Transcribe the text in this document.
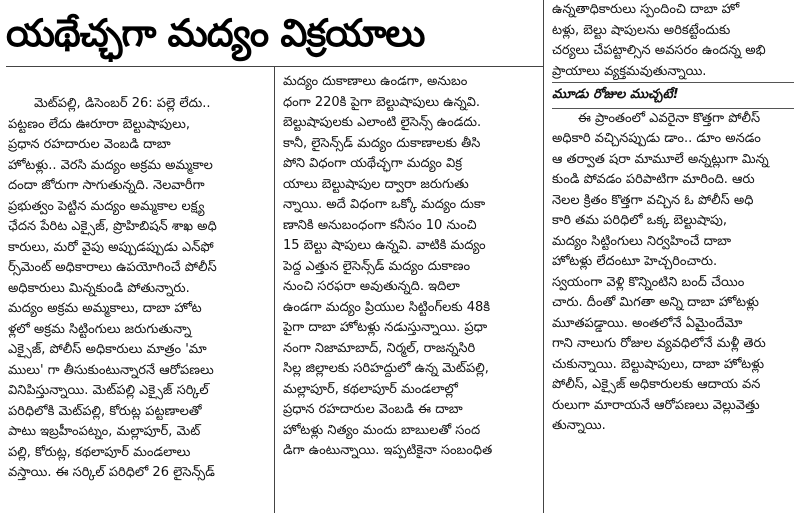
యథేచ్ఛగా మద్యం విక్రయాలు

మెట్‌పల్లి, డిసెంబర్ 26: పల్లె లేదు..

పట్టణం లేదు ఊరూరా బెల్టుషాపులు,

ప్రధాన రహదారుల వెంబడి దాబా

హోటళ్లు.. వెరసి మద్యం అక్రమ అమ్మకాల

దందా జోరుగా సాగుతున్నది. నెలవారీగా

ప్రభుత్వం పెట్టిన మద్యం అమ్మకాల లక్ష్య

ఛేదన పేరిట ఎక్సైజ్, ప్రొహిబిషన్ శాఖ అధి

కారులు, మరో వైపు అప్పుడప్పుడు ఎన్‌ఫో

ర్స్‌మెంట్ అధికారాలు ఉపయోగించే పోలీస్

అధికారులు మిన్నకుండి పోతున్నారు.

మద్యం అక్రమ అమ్మకాలు, దాబా హోట

ళ్లలో అక్రమ సిట్టింగులు జరుగుతున్నా

ఎక్సైజ్, పోలీస్ అధికారులు మాత్రం 'మా

ములు' గా తీసుకుంటున్నారనే ఆరోపణలు

వినిపిస్తున్నాయి. మెట్‌పల్లి ఎక్సైజ్ సర్కిల్

పరిధిలోకి మెట్‌పల్లి, కోరుట్ల పట్టణాలతో

పాటు ఇబ్రహీంపట్నం, మల్లాపూర్, మెట్

పల్లి, కోరుట్ల, కథలాపూర్ మండలాలు

వస్తాయి. ఈ సర్కిల్ పరిధిలో 26 లైసెన్స్‌డ్

మద్యం దుకాణాలు ఉండగా, అనుబం

ధంగా 220కి పైగా బెల్టుషాపులు ఉన్నవి.

బెల్టుషాపులకు ఎలాంటి లైసెన్స్ ఉండదు.

కానీ, లైసెన్స్‌డ్ మద్యం దుకాణాలకు తీసి

పోని విధంగా యథేచ్ఛగా మద్యం విక్ర

యాలు బెల్టుషాపుల ద్వారా జరుగుతు

న్నాయి. అదే విధంగా ఒక్కో మద్యం దుకా

ణానికి అనుబంధంగా కనీసం 10 నుంచి

15 బెల్టు షాపులు ఉన్నవి. వాటికి మద్యం

పెద్ద ఎత్తున లైసెన్స్‌డ్ మద్యం దుకాణం

నుంచి సరఫరా అవుతున్నది. ఇదిలా

ఉండగా మద్యం ప్రియుల సిట్టింగ్‌లకు 48కి

పైగా దాబా హోటళ్లు నడుస్తున్నాయి. ప్రధా

నంగా నిజామాబాద్, నిర్మల్, రాజన్నసిరి

సిల్ల జిల్లాలకు సరిహద్దులో ఉన్న మెట్‌పల్లి,

మల్లాపూర్, కథలాపూర్ మండలాల్లో

ప్రధాన రహదారుల వెంబడి ఈ దాబా

హోటళ్లు నిత్యం మందు బాబులతో సంద

డిగా ఉంటున్నాయి. ఇప్పటికైనా సంబంధిత

ఉన్నతాధికారులు స్పందించి దాబా హో

టళ్లు, బెల్టు షాపులను అరికట్టేందుకు

చర్యలు చేపట్టాల్సిన అవసరం ఉందన్న అభి

ప్రాయాలు వ్యక్తమవుతున్నాయి.

మూడు రోజుల ముచ్చటే!

ఈ ప్రాంతంలో ఎవరైనా కొత్తగా పోలీస్

అధికారి వచ్చినప్పుడు డాం.. డూం అనడం

ఆ తర్వాత షరా మామూలే అన్నట్లుగా మిన్న

కుండి పోవడం పరిపాటిగా మారింది. ఆరు

నెలల క్రితం కొత్తగా వచ్చిన ఓ పోలీస్ అధి

కారి తమ పరిధిలో ఒక్క బెల్టుషాపు,

మద్యం సిట్టింగులు నిర్వహించే దాబా

హోటళ్లు లేదంటూ హెచ్చరించారు.

స్వయంగా వెళ్లి కొన్నింటిని బంద్ చేయిం

చారు. దీంతో మిగతా అన్ని దాబా హోటళ్లు

మూతపడ్డాయి. అంతలోనే ఏమైందేమో

గాని నాలుగు రోజుల వ్యవధిలోనే మళ్లీ తెరు

చుకున్నాయి. బెల్టుషాపులు, దాబా హోటళ్లు

పోలీస్, ఎక్సైజ్ అధికారులకు ఆదాయ వన

రులుగా మారాయనే ఆరోపణలు వెల్లువెత్తు

తున్నాయి.
